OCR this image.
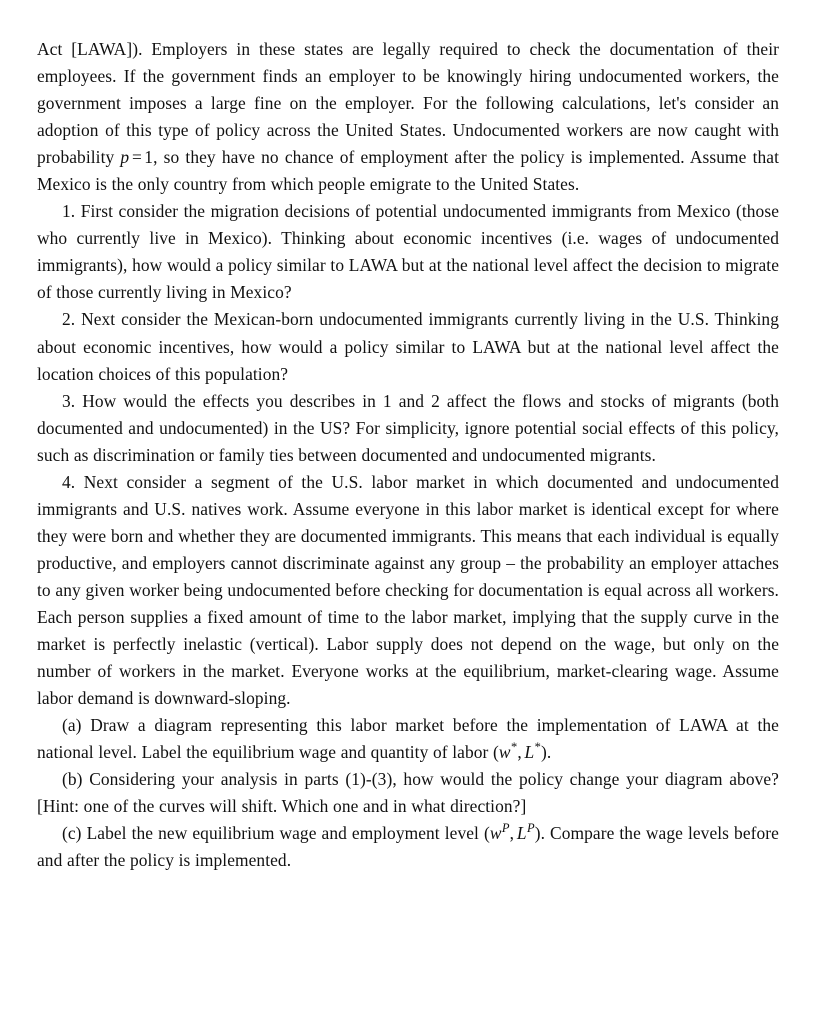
Act [LAWA]). Employers in these states are legally required to check the documentation of their employees. If the government finds an employer to be knowingly hiring undocumented workers, the government imposes a large fine on the employer. For the following calculations, let's consider an adoption of this type of policy across the United States. Undocumented workers are now caught with probability p = 1, so they have no chance of employment after the policy is implemented. Assume that Mexico is the only country from which people emigrate to the United States.

1. First consider the migration decisions of potential undocumented immigrants from Mexico (those who currently live in Mexico). Thinking about economic incentives (i.e. wages of undocumented immigrants), how would a policy similar to LAWA but at the national level affect the decision to migrate of those currently living in Mexico?

2. Next consider the Mexican-born undocumented immigrants currently living in the U.S. Thinking about economic incentives, how would a policy similar to LAWA but at the national level affect the location choices of this population?

3. How would the effects you describes in 1 and 2 affect the flows and stocks of migrants (both documented and undocumented) in the US? For simplicity, ignore potential social effects of this policy, such as discrimination or family ties between documented and undocumented migrants.

4. Next consider a segment of the U.S. labor market in which documented and undocumented immigrants and U.S. natives work. Assume everyone in this labor market is identical except for where they were born and whether they are documented immigrants. This means that each individual is equally productive, and employers cannot discriminate against any group – the probability an employer attaches to any given worker being undocumented before checking for documentation is equal across all workers. Each person supplies a fixed amount of time to the labor market, implying that the supply curve in the market is perfectly inelastic (vertical). Labor supply does not depend on the wage, but only on the number of workers in the market. Everyone works at the equilibrium, market-clearing wage. Assume labor demand is downward-sloping.

(a) Draw a diagram representing this labor market before the implementation of LAWA at the national level. Label the equilibrium wage and quantity of labor (w*, L*).

(b) Considering your analysis in parts (1)-(3), how would the policy change your diagram above? [Hint: one of the curves will shift. Which one and in what direction?]

(c) Label the new equilibrium wage and employment level ($w^P$, $L^P$). Compare the wage levels before and after the policy is implemented.
